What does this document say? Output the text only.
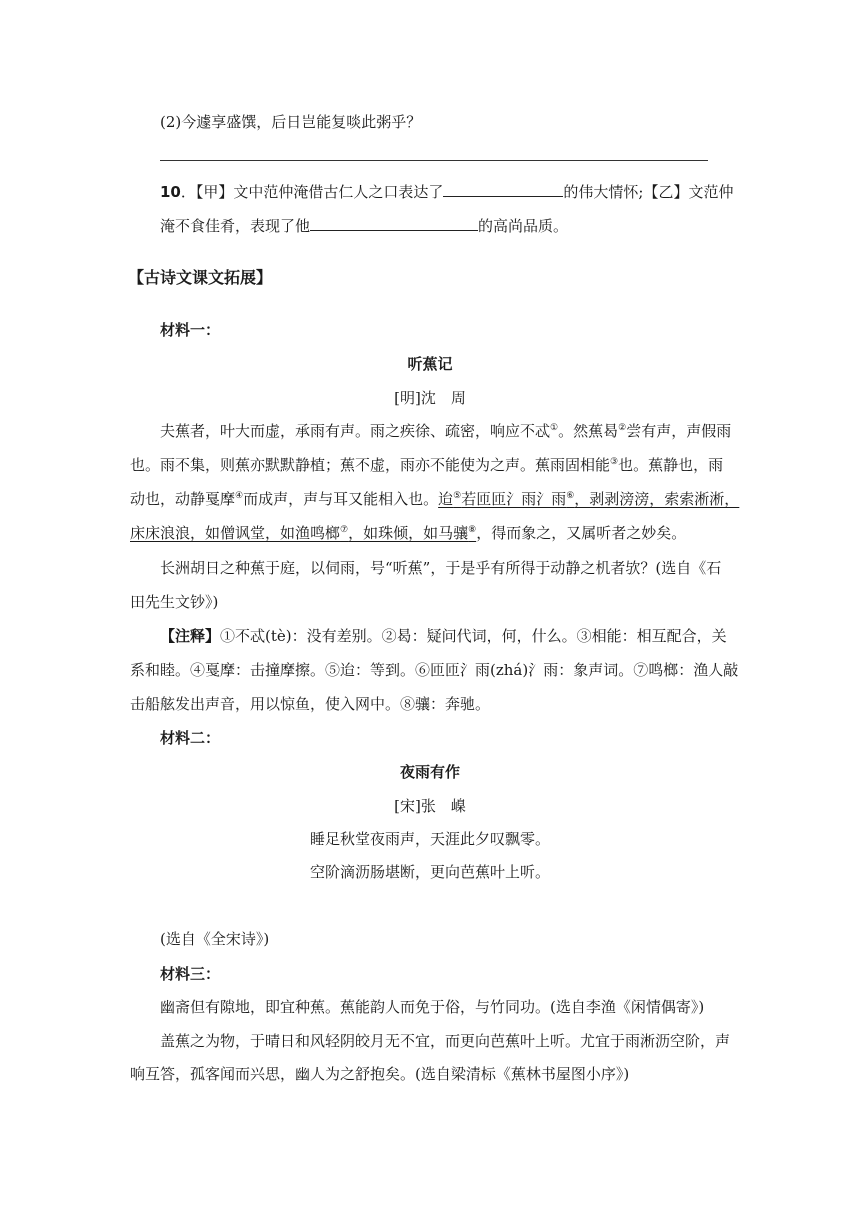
(2)今遽享盛馔，后日岂能复啖此粥乎？
10．【甲】文中范仲淹借古仁人之口表达了	的伟大情怀;【乙】文范仲
淹不食佳肴，表现了他	的高尚品质。
【古诗文课文拓展】
材料一：
听蕉记
[明]沈　周
夫蕉者，叶大而虚，承雨有声。雨之疾徐、疏密，响应不忒①。然蕉曷②尝有声，声假雨
也。雨不集，则蕉亦默默静植；蕉不虚，雨亦不能使为之声。蕉雨固相能③也。蕉静也，雨
动也，动静戛摩④而成声，声与耳又能相入也。迨⑤若匝匝氵雨氵雨⑥，剥剥滂滂，索索淅淅，
床床浪浪，如僧讽堂，如渔鸣榔⑦，如珠倾，如马骧⑧，得而象之，又属听者之妙矣。
长洲胡日之种蕉于庭，以伺雨，号“听蕉”，于是乎有所得于动静之机者欤？(选自《石
田先生文钞》)
【注释】①不忒(tè)：没有差别。②曷：疑问代词，何，什么。③相能：相互配合，关
系和睦。④戛摩：击撞摩擦。⑤迨：等到。⑥匝匝氵雨(zhá)氵雨：象声词。⑦鸣榔：渔人敲
击船舷发出声音，用以惊鱼，使入网中。⑧骧：奔驰。
材料二：
夜雨有作
[宋]张　嵲
睡足秋堂夜雨声，天涯此夕叹飘零。
空阶滴沥肠堪断，更向芭蕉叶上听。
(选自《全宋诗》)
材料三：
幽斋但有隙地，即宜种蕉。蕉能韵人而免于俗，与竹同功。(选自李渔《闲情偶寄》)
盖蕉之为物，于晴日和风轻阴皎月无不宜，而更向芭蕉叶上听。尤宜于雨淅沥空阶，声
响互答，孤客闻而兴思，幽人为之舒抱矣。(选自梁清标《蕉林书屋图小序》)
